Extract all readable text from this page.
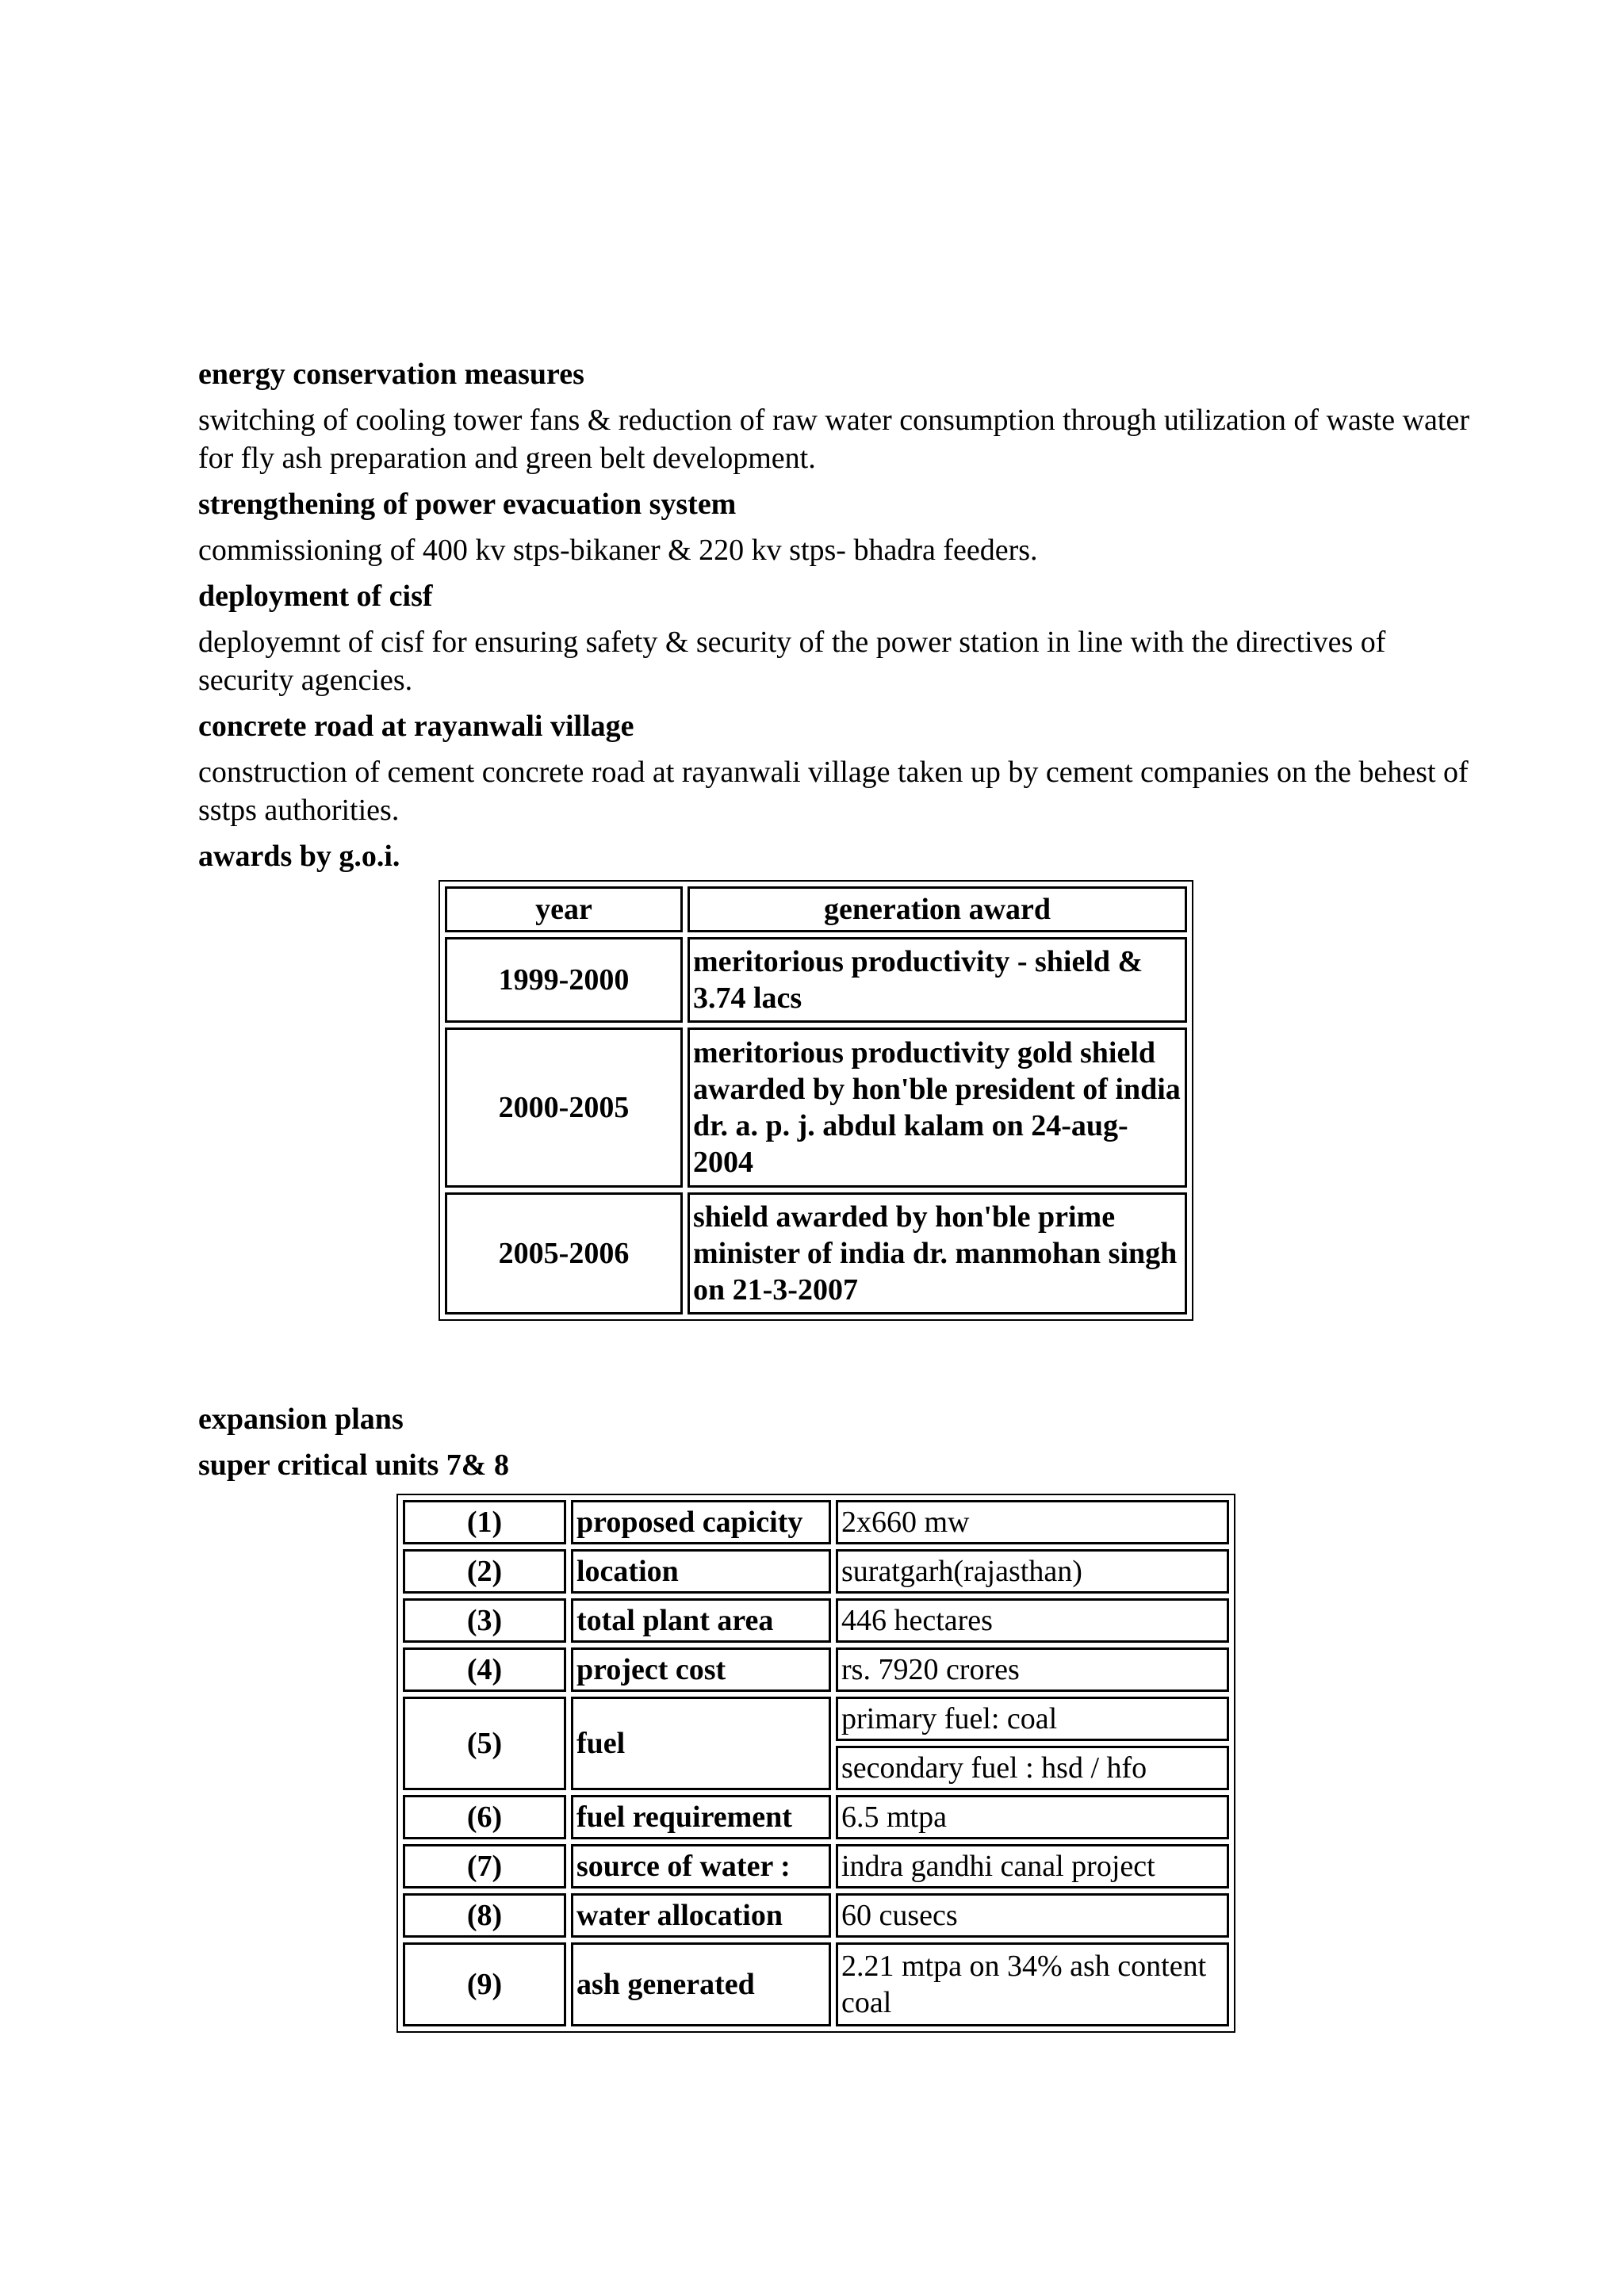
energy conservation measures
switching of cooling tower fans & reduction of raw water consumption through utilization of waste water for fly ash preparation and green belt development.
strengthening of power evacuation system
commissioning of 400 kv stps-bikaner & 220 kv stps- bhadra feeders.
deployment of cisf
deployemnt of cisf for ensuring safety & security of the power station in line with the directives of security agencies.
concrete road at rayanwali village
construction of cement concrete road at rayanwali village taken up by cement companies on the behest of sstps authorities.
awards by g.o.i.
year	generation award
1999-2000	meritorious productivity - shield & 3.74 lacs
2000-2005	meritorious productivity gold shield awarded by hon'ble president of india dr. a. p. j. abdul kalam on 24-aug-2004
2005-2006	shield awarded by hon'ble prime minister of india dr. manmohan singh on 21-3-2007
expansion plans
super critical units 7& 8
(1)	proposed capicity	2x660 mw
(2)	location	suratgarh(rajasthan)
(3)	total plant area	446 hectares
(4)	project cost	rs. 7920 crores
(5)	fuel	primary fuel: coal
		secondary fuel : hsd / hfo
(6)	fuel requirement	6.5 mtpa
(7)	source of water :	indra gandhi canal project
(8)	water allocation	60 cusecs
(9)	ash generated	2.21 mtpa on 34% ash content coal
